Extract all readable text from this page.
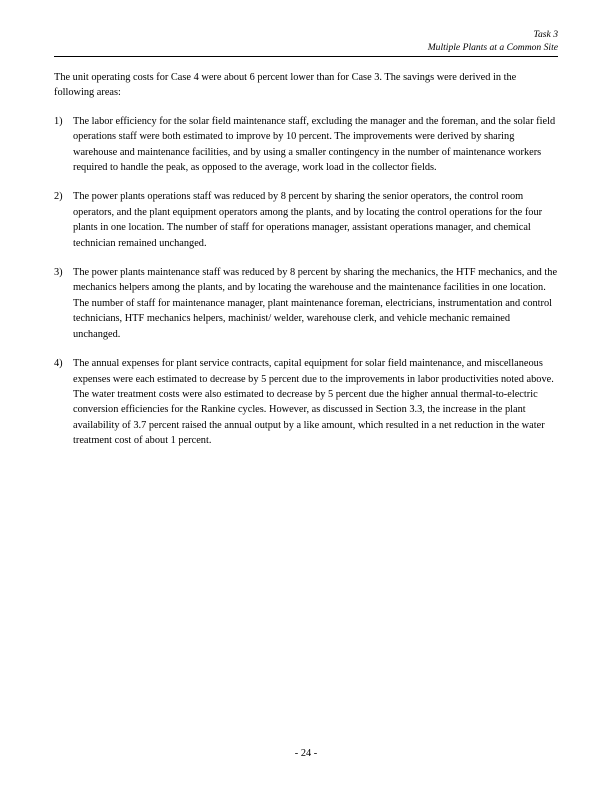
Task 3
Multiple Plants at a Common Site

The unit operating costs for Case 4 were about 6 percent lower than for Case 3. The savings were derived in the following areas:

1) The labor efficiency for the solar field maintenance staff, excluding the manager and the foreman, and the solar field operations staff were both estimated to improve by 10 percent. The improvements were derived by sharing warehouse and maintenance facilities, and by using a smaller contingency in the number of maintenance workers required to handle the peak, as opposed to the average, work load in the collector fields.
2) The power plants operations staff was reduced by 8 percent by sharing the senior operators, the control room operators, and the plant equipment operators among the plants, and by locating the control operations for the four plants in one location. The number of staff for operations manager, assistant operations manager, and chemical technician remained unchanged.
3) The power plants maintenance staff was reduced by 8 percent by sharing the mechanics, the HTF mechanics, and the mechanics helpers among the plants, and by locating the warehouse and the maintenance facilities in one location. The number of staff for maintenance manager, plant maintenance foreman, electricians, instrumentation and control technicians, HTF mechanics helpers, machinist/ welder, warehouse clerk, and vehicle mechanic remained unchanged.
4) The annual expenses for plant service contracts, capital equipment for solar field maintenance, and miscellaneous expenses were each estimated to decrease by 5 percent due to the improvements in labor productivities noted above. The water treatment costs were also estimated to decrease by 5 percent due the higher annual thermal-to-electric conversion efficiencies for the Rankine cycles. However, as discussed in Section 3.3, the increase in the plant availability of 3.7 percent raised the annual output by a like amount, which resulted in a net reduction in the water treatment cost of about 1 percent.
- 24 -
